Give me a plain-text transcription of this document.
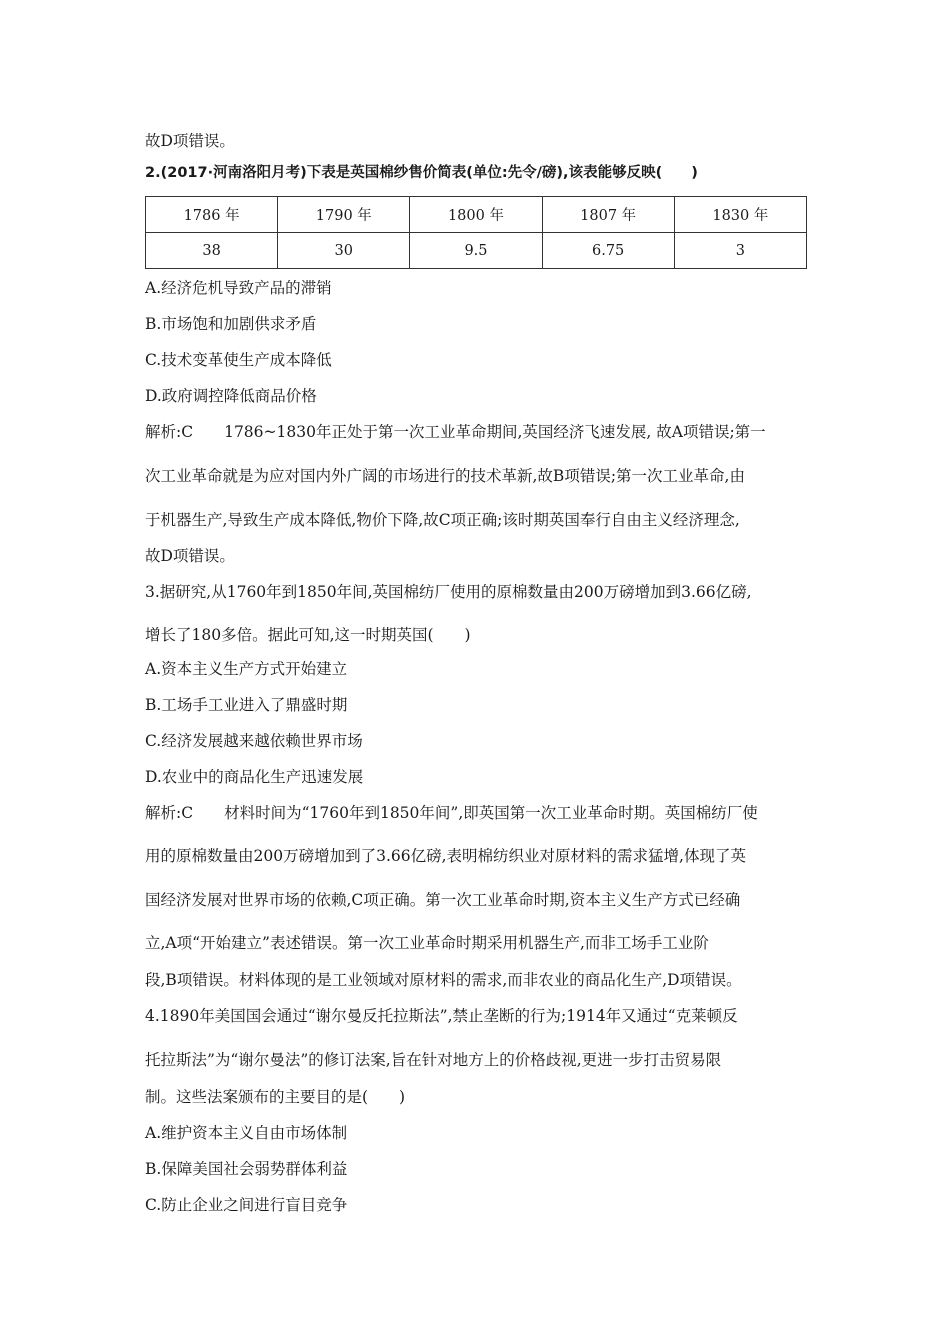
故D项错误。
2.(2017·河南洛阳月考)下表是英国棉纱售价简表(单位:先令/磅),该表能够反映(　　)
1786 年	1790 年	1800 年	1807 年	1830 年
38	30	9.5	6.75	3
A.经济危机导致产品的滞销
B.市场饱和加剧供求矛盾
C.技术变革使生产成本降低
D.政府调控降低商品价格
解析:C　　1786~1830年正处于第一次工业革命期间,英国经济飞速发展, 故A项错误;第一
次工业革命就是为应对国内外广阔的市场进行的技术革新,故B项错误;第一次工业革命,由
于机器生产,导致生产成本降低,物价下降,故C项正确;该时期英国奉行自由主义经济理念,
故D项错误。
3.据研究,从1760年到1850年间,英国棉纺厂使用的原棉数量由200万磅增加到3.66亿磅,
增长了180多倍。据此可知,这一时期英国(　　)
A.资本主义生产方式开始建立
B.工场手工业进入了鼎盛时期
C.经济发展越来越依赖世界市场
D.农业中的商品化生产迅速发展
解析:C　　材料时间为“1760年到1850年间”,即英国第一次工业革命时期。英国棉纺厂使
用的原棉数量由200万磅增加到了3.66亿磅,表明棉纺织业对原材料的需求猛增,体现了英
国经济发展对世界市场的依赖,C项正确。第一次工业革命时期,资本主义生产方式已经确
立,A项“开始建立”表述错误。第一次工业革命时期采用机器生产,而非工场手工业阶
段,B项错误。材料体现的是工业领域对原材料的需求,而非农业的商品化生产,D项错误。
4.1890年美国国会通过“谢尔曼反托拉斯法”,禁止垄断的行为;1914年又通过“克莱顿反
托拉斯法”为“谢尔曼法”的修订法案,旨在针对地方上的价格歧视,更进一步打击贸易限
制。这些法案颁布的主要目的是(　　)
A.维护资本主义自由市场体制
B.保障美国社会弱势群体利益
C.防止企业之间进行盲目竞争
